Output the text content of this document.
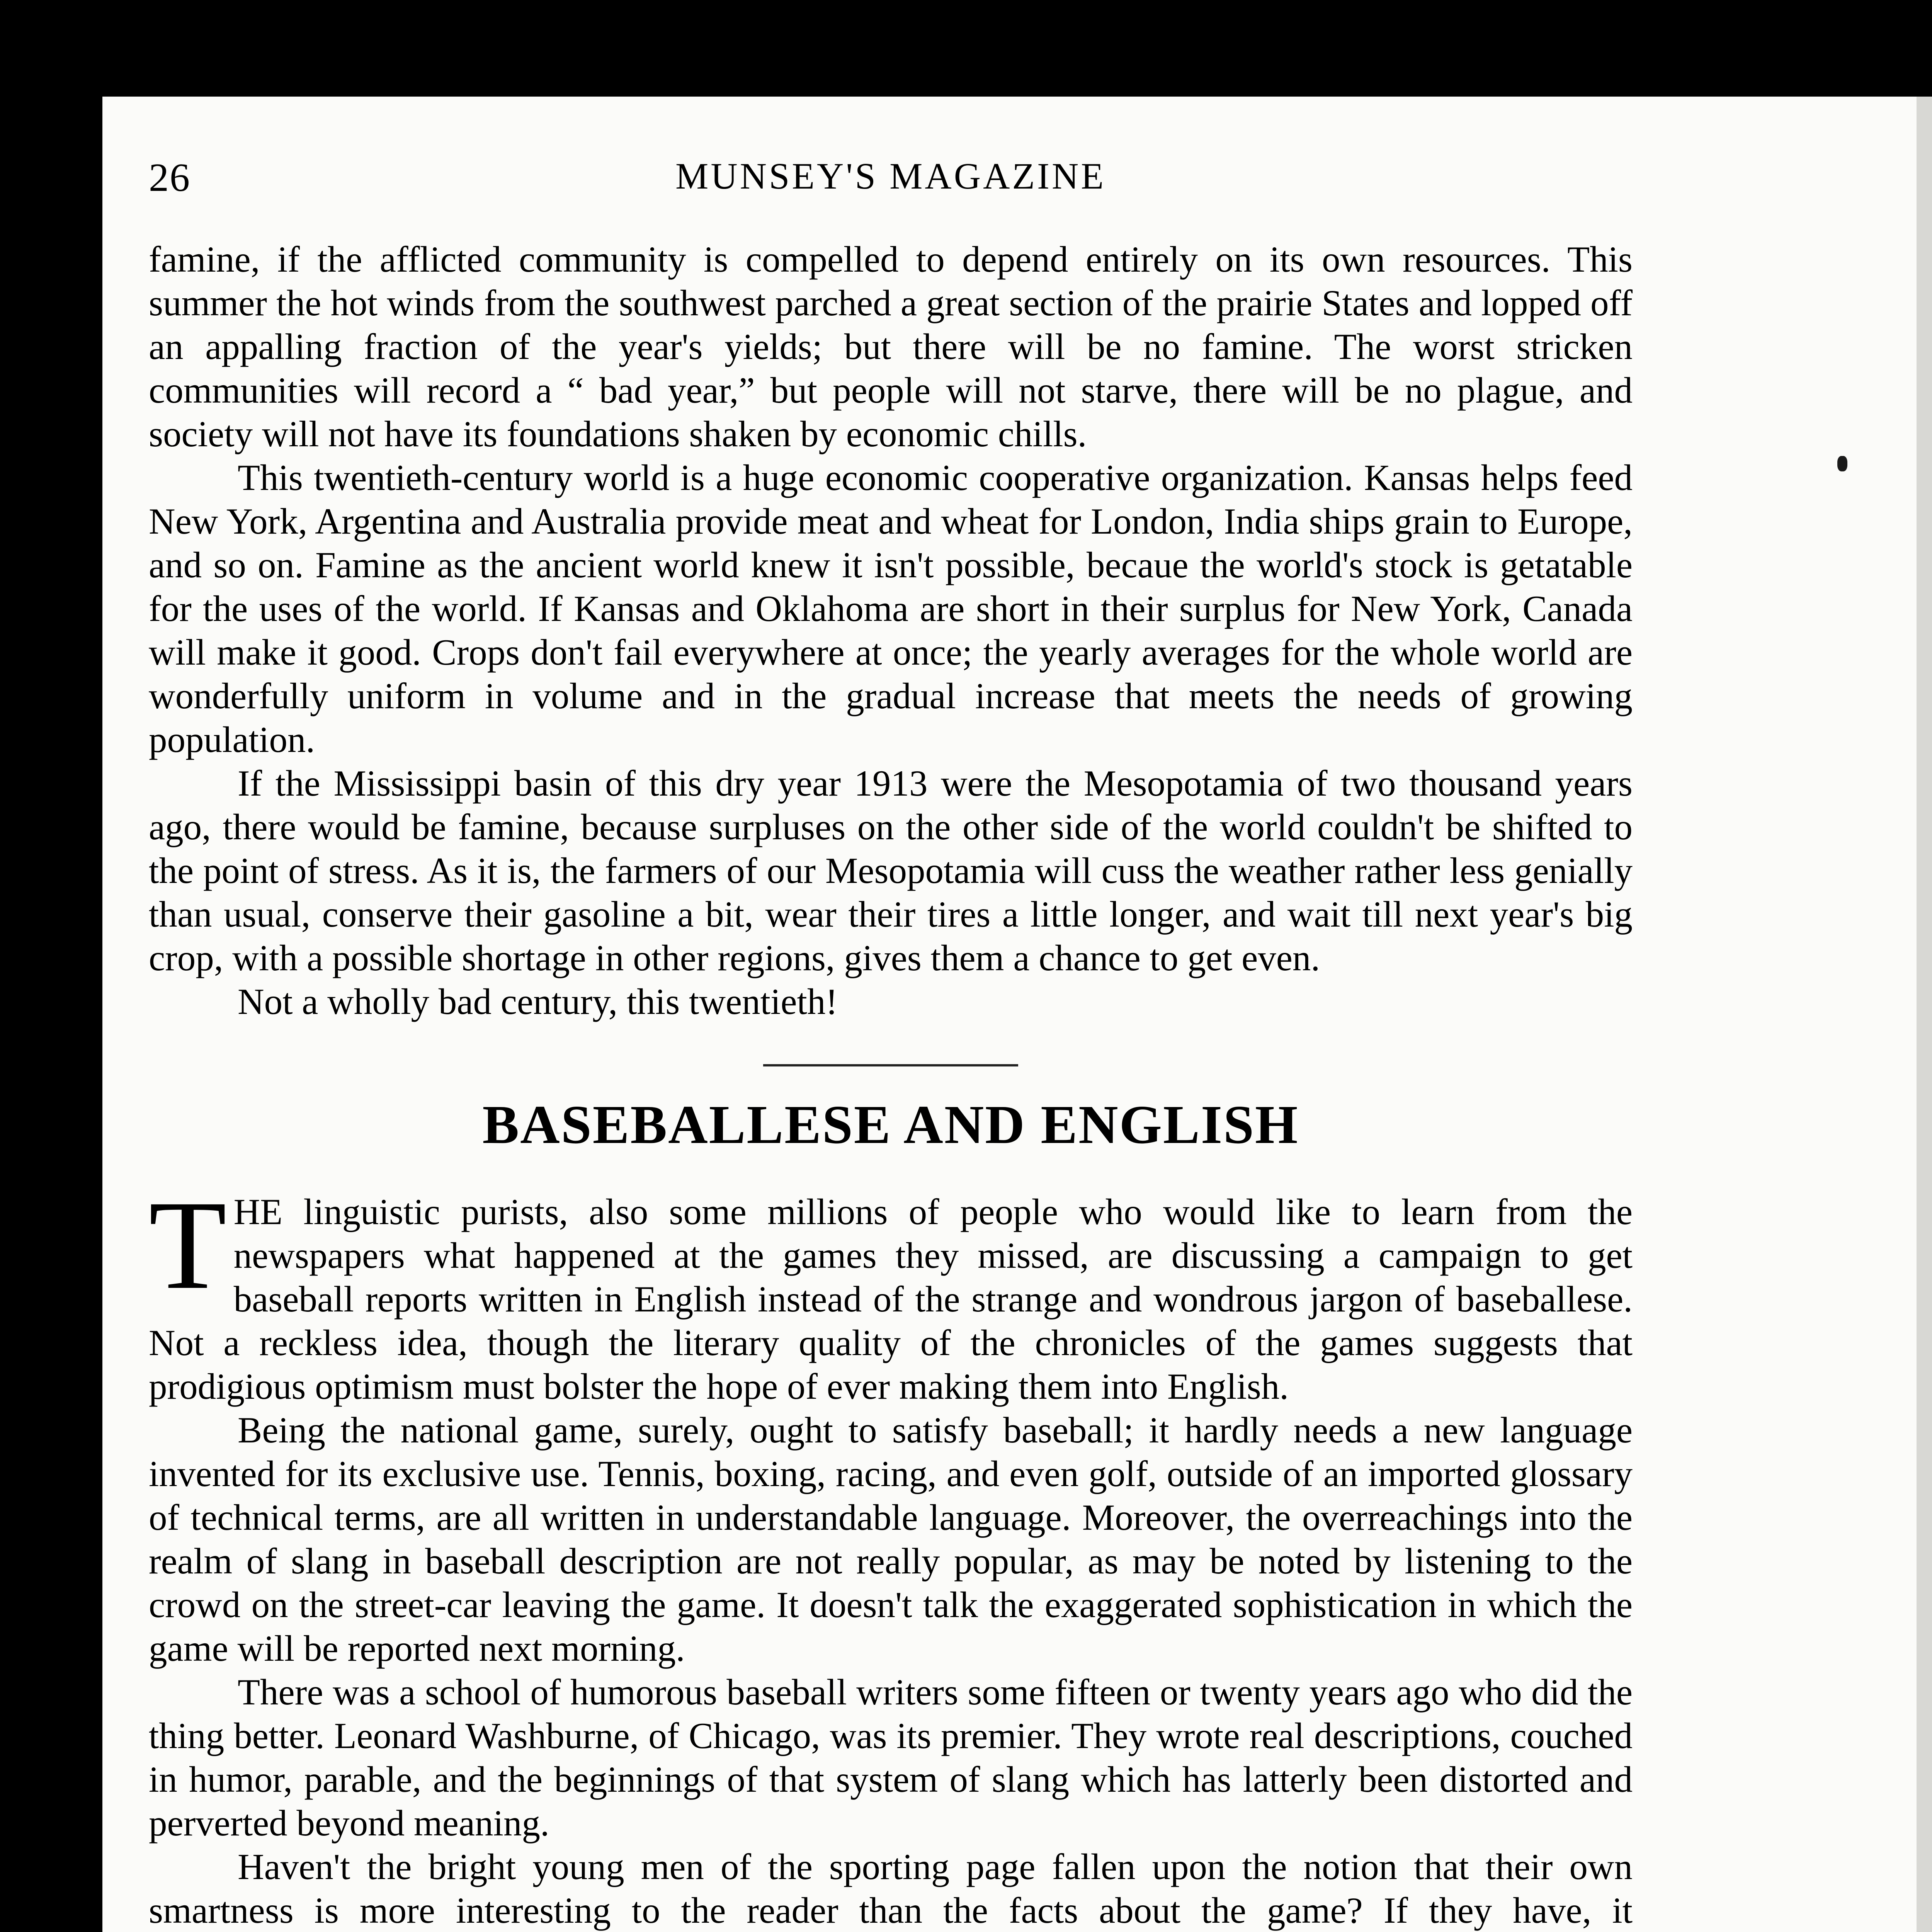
26	MUNSEY'S MAGAZINE

famine, if the afflicted community is compelled to depend entirely on its own resources. This summer the hot winds from the southwest parched a great section of the prairie States and lopped off an appalling fraction of the year's yields; but there will be no famine. The worst stricken communities will record a “ bad year,” but people will not starve, there will be no plague, and society will not have its foundations shaken by economic chills.

This twentieth-century world is a huge economic cooperative organization. Kansas helps feed New York, Argentina and Australia provide meat and wheat for London, India ships grain to Europe, and so on. Famine as the ancient world knew it isn't possible, becaue the world's stock is getatable for the uses of the world. If Kansas and Oklahoma are short in their surplus for New York, Canada will make it good. Crops don't fail everywhere at once; the yearly averages for the whole world are wonderfully uniform in volume and in the gradual increase that meets the needs of growing population.

If the Mississippi basin of this dry year 1913 were the Mesopotamia of two thousand years ago, there would be famine, because surpluses on the other side of the world couldn't be shifted to the point of stress. As it is, the farmers of our Mesopotamia will cuss the weather rather less genially than usual, conserve their gasoline a bit, wear their tires a little longer, and wait till next year's big crop, with a possible shortage in other regions, gives them a chance to get even.

Not a wholly bad century, this twentieth!

BASEBALLESE AND ENGLISH

T HE linguistic purists, also some millions of people who would like to learn from the newspapers what happened at the games they missed, are discussing a campaign to get baseball reports written in English instead of the strange and wondrous jargon of baseballese. Not a reckless idea, though the literary quality of the chronicles of the games suggests that prodigious optimism must bolster the hope of ever making them into English.

Being the national game, surely, ought to satisfy baseball; it hardly needs a new language invented for its exclusive use. Tennis, boxing, racing, and even golf, outside of an imported glossary of technical terms, are all written in understandable language. Moreover, the overreachings into the realm of slang in baseball description are not really popular, as may be noted by listening to the crowd on the street-car leaving the game. It doesn't talk the exaggerated sophistication in which the game will be reported next morning.

There was a school of humorous baseball writers some fifteen or twenty years ago who did the thing better. Leonard Washburne, of Chicago, was its premier. They wrote real descriptions, couched in humor, parable, and the beginnings of that system of slang which has latterly been distorted and perverted beyond meaning.

Haven't the bright young men of the sporting page fallen upon the notion that their own smartness is more interesting to the reader than the facts about the game? If they have, it
